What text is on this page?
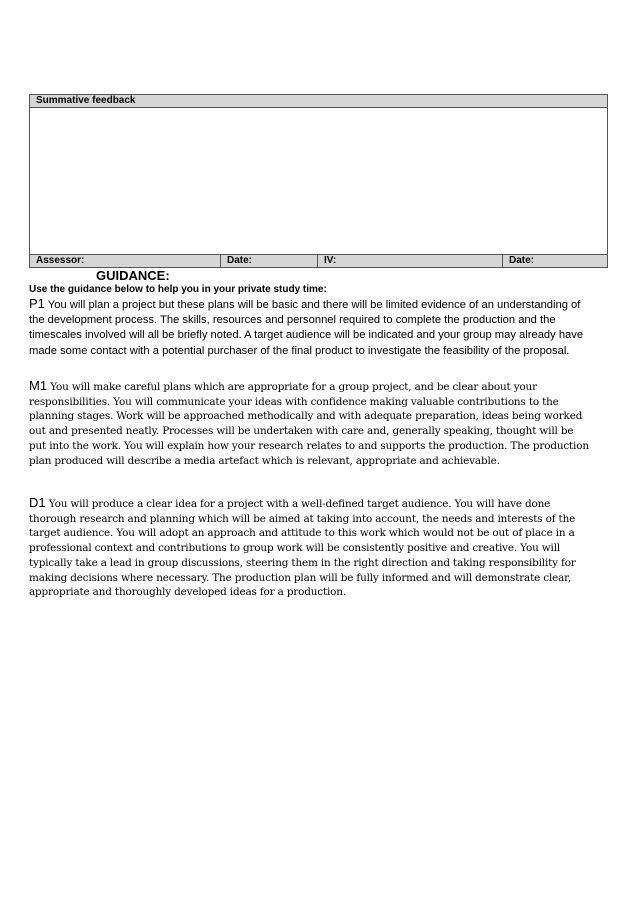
Summative feedback
Assessor:	Date:	IV:	Date:
GUIDANCE:
Use the guidance below to help you in your private study time:
P1 You will plan a project but these plans will be basic and there will be limited evidence of an understanding of the development process. The skills, resources and personnel required to complete the production and the timescales involved will all be briefly noted. A target audience will be indicated and your group may already have made some contact with a potential purchaser of the final product to investigate the feasibility of the proposal.
M1 You will make careful plans which are appropriate for a group project, and be clear about your responsibilities. You will communicate your ideas with confidence making valuable contributions to the planning stages. Work will be approached methodically and with adequate preparation, ideas being worked out and presented neatly. Processes will be undertaken with care and, generally speaking, thought will be put into the work. You will explain how your research relates to and supports the production. The production plan produced will describe a media artefact which is relevant, appropriate and achievable.
D1 You will produce a clear idea for a project with a well-defined target audience. You will have done thorough research and planning which will be aimed at taking into account, the needs and interests of the target audience. You will adopt an approach and attitude to this work which would not be out of place in a professional context and contributions to group work will be consistently positive and creative. You will typically take a lead in group discussions, steering them in the right direction and taking responsibility for making decisions where necessary. The production plan will be fully informed and will demonstrate clear, appropriate and thoroughly developed ideas for a production.
